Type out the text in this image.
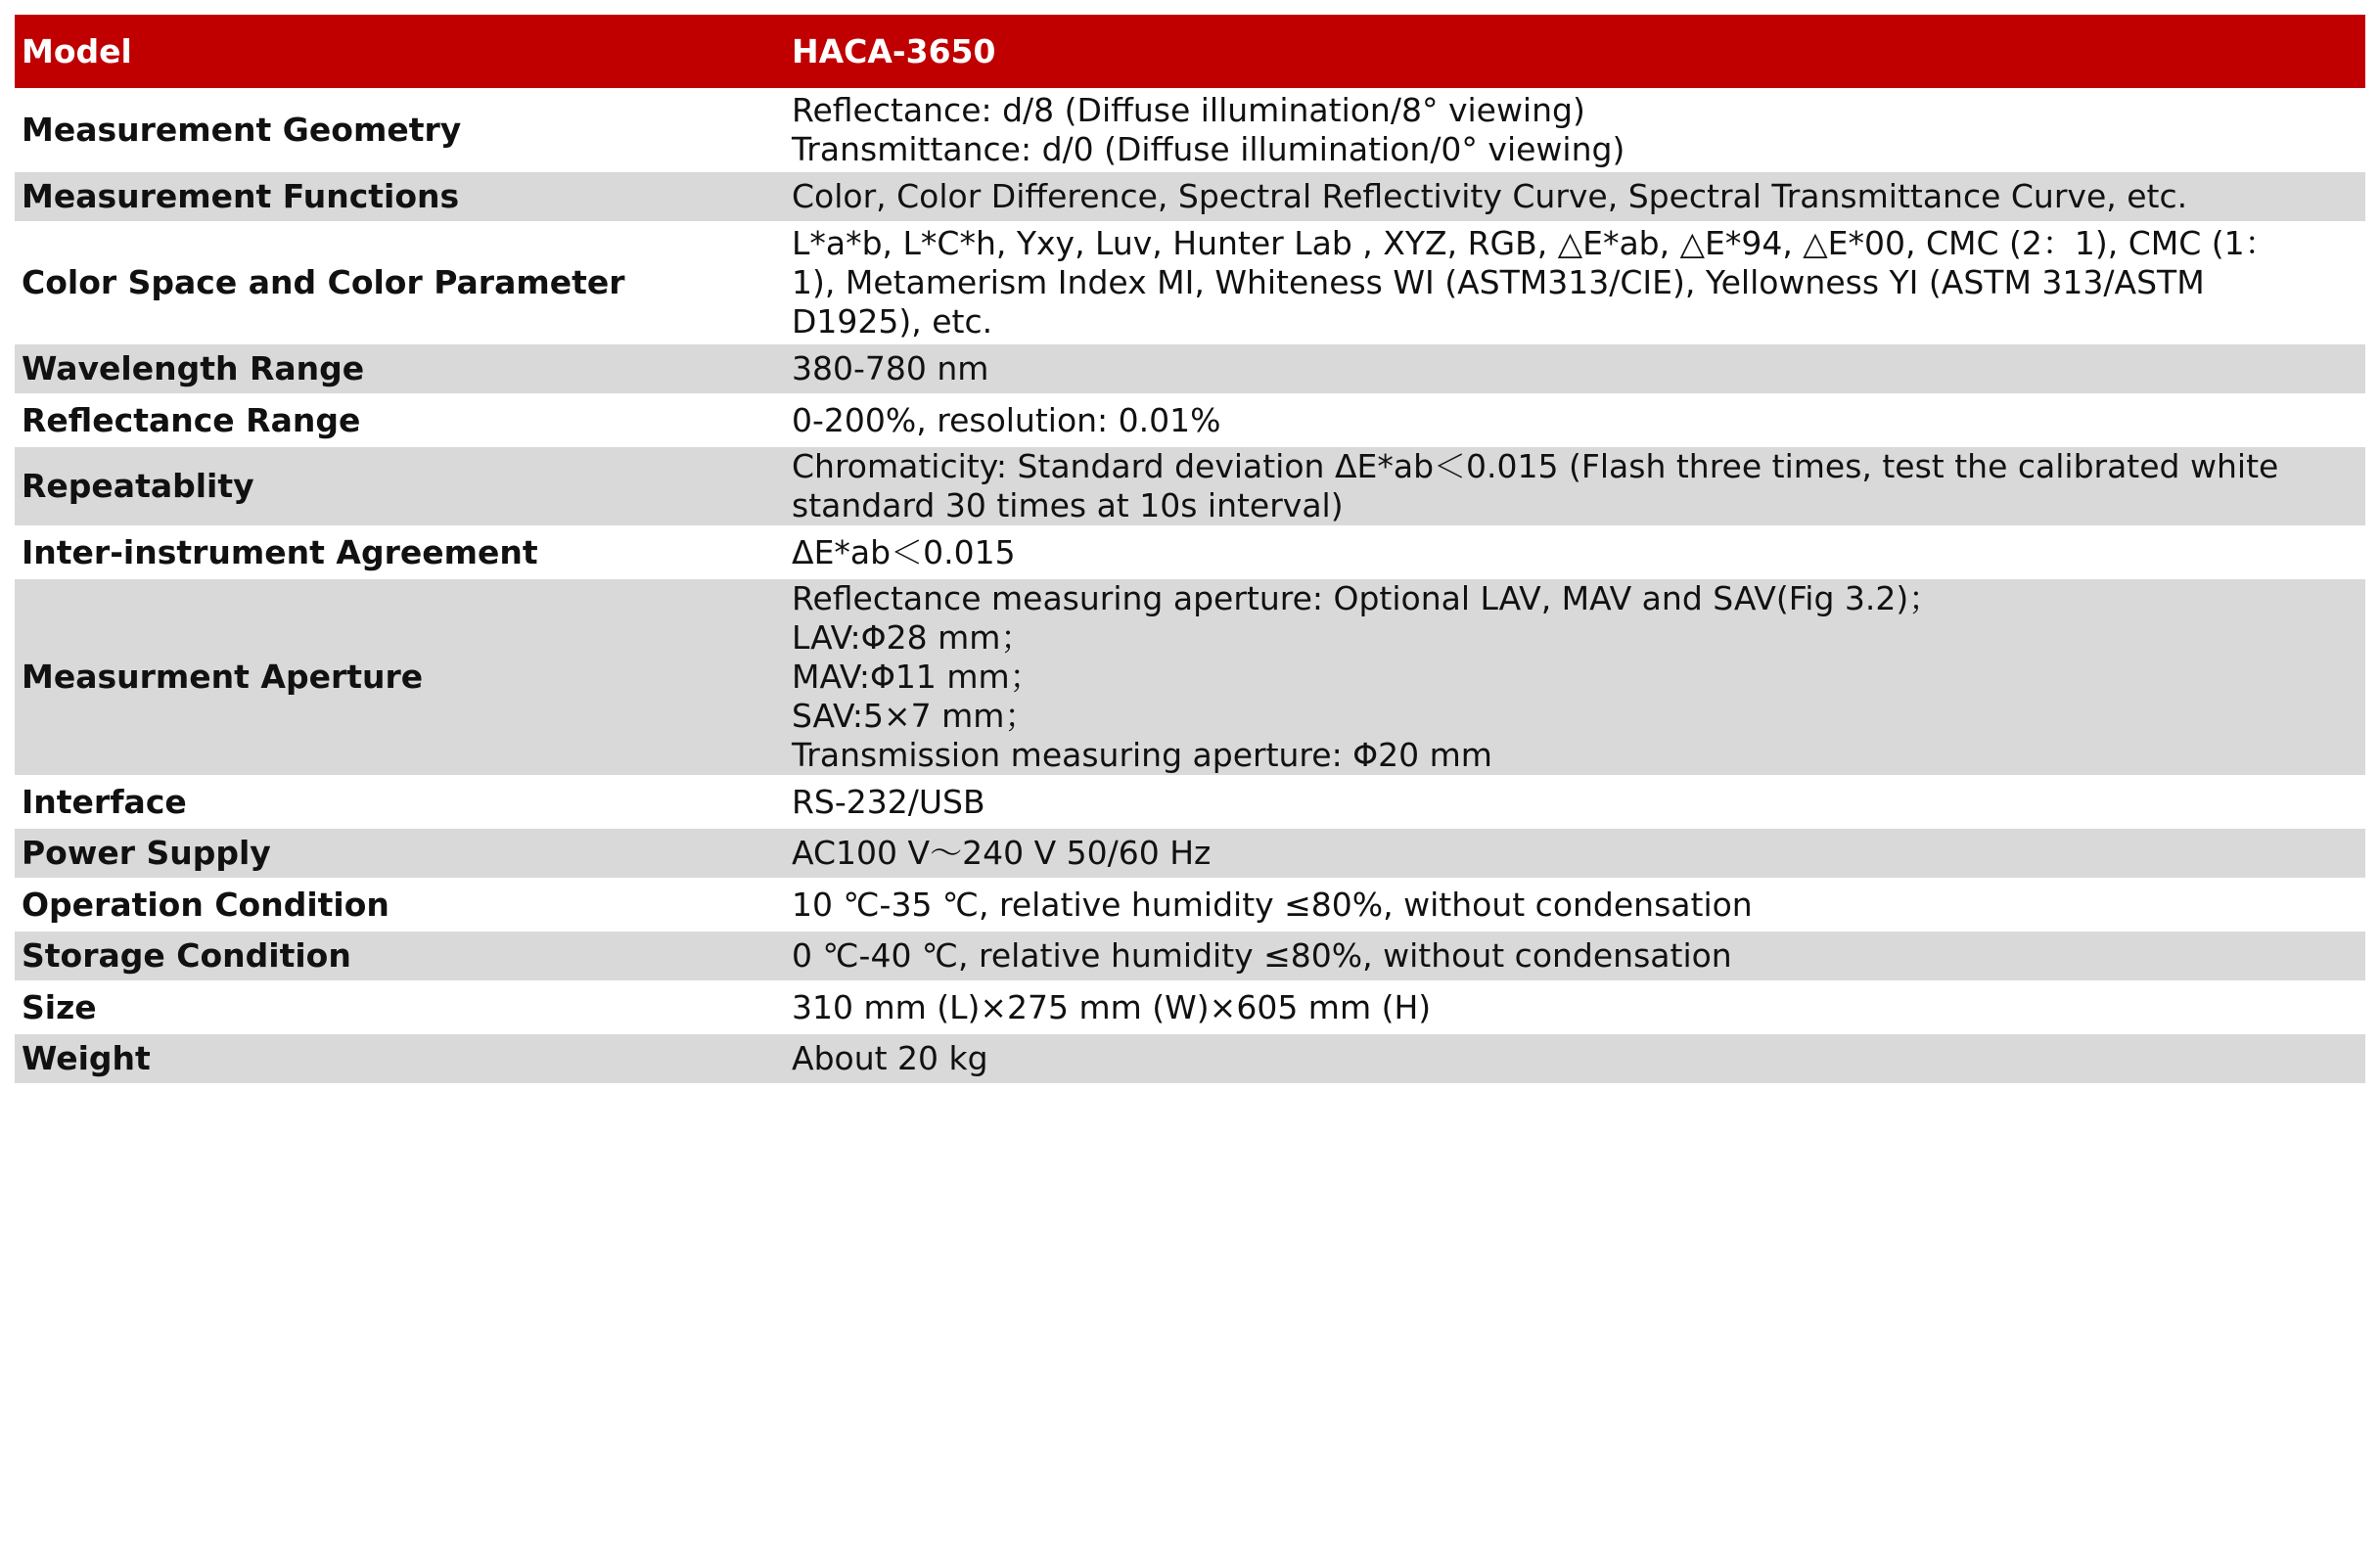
Model	HACA-3650
Measurement Geometry	Reflectance: d/8 (Diffuse illumination/8° viewing)
Transmittance: d/0 (Diffuse illumination/0° viewing)

Measurement Functions	Color, Color Difference, Spectral Reflectivity Curve, Spectral Transmittance Curve, etc.

Color Space and Color Parameter	L*a*b, L*C*h, Yxy, Luv, Hunter Lab , XYZ, RGB, △E*ab, △E*94, △E*00, CMC (2：1), CMC (1：
1), Metamerism Index MI, Whiteness WI (ASTM313/CIE), Yellowness YI (ASTM 313/ASTM
D1925), etc.

Wavelength Range	380-780 nm

Reflectance Range	0-200%, resolution: 0.01%

Repeatablity	Chromaticity: Standard deviation ΔE*ab＜0.015 (Flash three times, test the calibrated white
standard 30 times at 10s interval)

Inter-instrument Agreement	ΔE*ab＜0.015

Measurment Aperture	Reflectance measuring aperture: Optional LAV, MAV and SAV(Fig 3.2)；
LAV:Φ28 mm；
MAV:Φ11 mm；
SAV:5×7 mm；
Transmission measuring aperture: Φ20 mm

Interface	RS-232/USB

Power Supply	AC100 V～240 V 50/60 Hz

Operation Condition	10 ℃-35 ℃, relative humidity ≤80%, without condensation

Storage Condition	0 ℃-40 ℃, relative humidity ≤80%, without condensation

Size	310 mm (L)×275 mm (W)×605 mm (H)

Weight	About 20 kg
